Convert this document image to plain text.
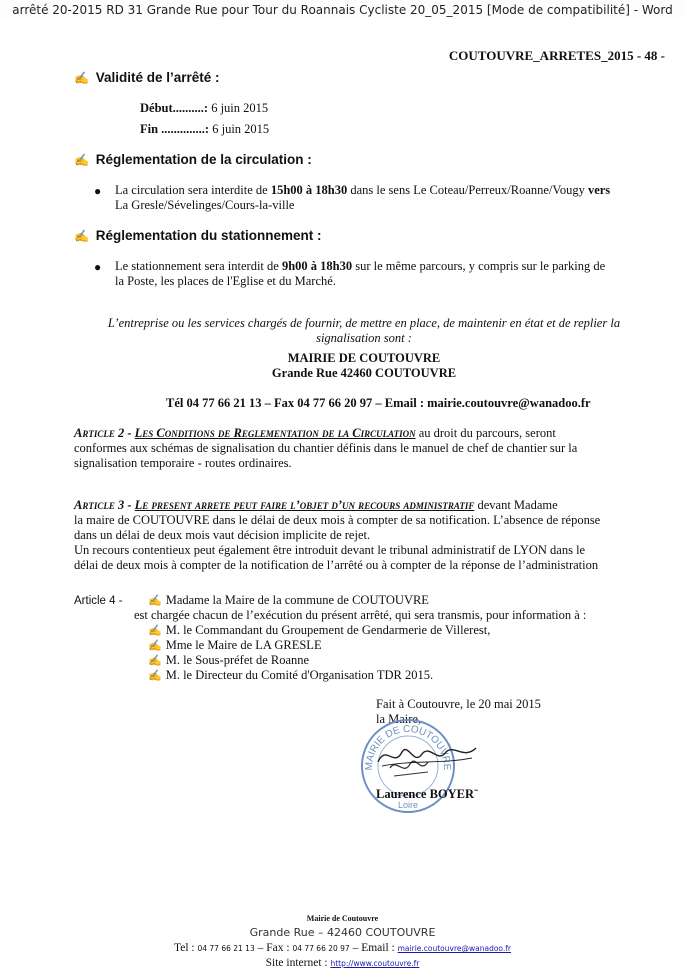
arrêté 20-2015 RD 31 Grande Rue pour Tour du Roannais Cycliste 20_05_2015 [Mode de compatibilité] - Word
COUTOUVRE_ARRETES_2015 - 48 -
✍ Validité de l’arrêté :
Début..........: 6 juin 2015
Fin ..............: 6 juin 2015
✍ Réglementation de la circulation :
● La circulation sera interdite de 15h00 à 18h30 dans le sens Le Coteau/Perreux/Roanne/Vougy vers
La Gresle/Sévelinges/Cours-la-ville
✍ Réglementation du stationnement :
● Le stationnement sera interdit de 9h00 à 18h30 sur le même parcours, y compris sur le parking de
la Poste, les places de l'Eglise et du Marché.
L’entreprise ou les services chargés de fournir, de mettre en place, de maintenir en état et de replier la
signalisation sont :
MAIRIE DE COUTOUVRE
Grande Rue 42460 COUTOUVRE
Tél 04 77 66 21 13 – Fax 04 77 66 20 97 – Email : mairie.coutouvre@wanadoo.fr
Article 2 - Les Conditions de Reglementation de la Circulation au droit du parcours, seront
conformes aux schémas de signalisation du chantier définis dans le manuel de chef de chantier sur la
signalisation temporaire - routes ordinaires.
Article 3 - Le present arrete peut faire l’objet d’un recours administratif devant Madame
la maire de COUTOUVRE dans le délai de deux mois à compter de sa notification. L’absence de réponse
dans un délai de deux mois vaut décision implicite de rejet.
Un recours contentieux peut également être introduit devant le tribunal administratif de LYON dans le
délai de deux mois à compter de la notification de l’arrêté ou à compter de la réponse de l’administration
Article 4 - ✍ Madame la Maire de la commune de COUTOUVRE
est chargée chacun de l’exécution du présent arrêté, qui sera transmis, pour information à :
✍ M. le Commandant du Groupement de Gendarmerie de Villerest,
✍ Mme le Maire de LA GRESLE
✍ M. le Sous-préfet de Roanne
✍ M. le Directeur du Comité d'Organisation TDR 2015.
Fait à Coutouvre, le 20 mai 2015
la Maire,
MAIRIE DE COUTOUVRE
Loire
Laurence BOYER˜
Mairie de Coutouvre
Grande Rue – 42460 COUTOUVRE
Tel : 04 77 66 21 13 – Fax : 04 77 66 20 97 – Email : mairie.coutouvre@wanadoo.fr
Site internet : http://www.coutouvre.fr
